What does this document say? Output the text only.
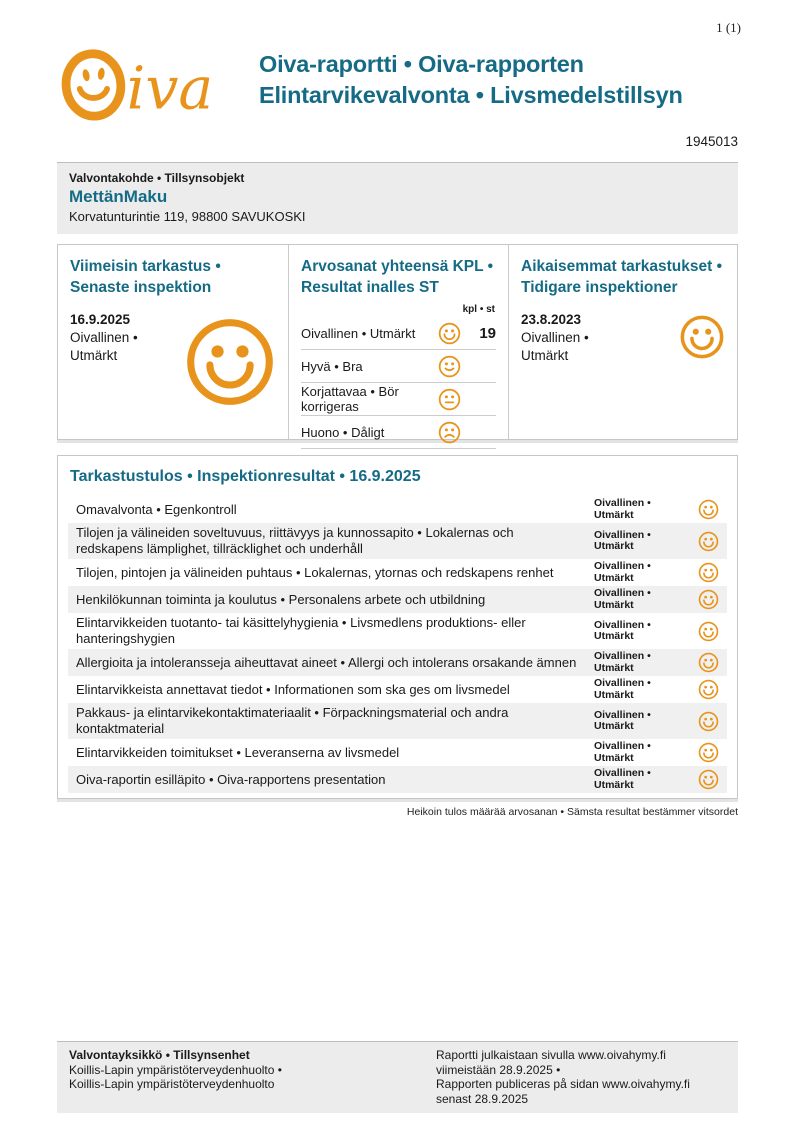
1 (1)
iva Oiva-raportti • Oiva-rapporten
Elintarvikevalvonta • Livsmedelstillsyn
1945013
Valvontakohde • Tillsynsobjekt
MettänMaku
Korvatunturintie 119, 98800 SAVUKOSKI
Viimeisin tarkastus •
Senaste inspektion
16.9.2025
Oivallinen •
Utmärkt
Arvosanat yhteensä KPL •
Resultat inalles ST
kpl • st
Oivallinen • Utmärkt	19
Hyvä • Bra
Korjattavaa • Bör korrigeras
Huono • Dåligt
Aikaisemmat tarkastukset •
Tidigare inspektioner
23.8.2023
Oivallinen •
Utmärkt
Tarkastustulos • Inspektionresultat • 16.9.2025
Omavalvonta • Egenkontroll	Oivallinen •
Utmärkt
Tilojen ja välineiden soveltuvuus, riittävyys ja kunnossapito • Lokalernas och redskapens lämplighet, tillräcklighet och underhåll
Oivallinen •
Utmärkt
Tilojen, pintojen ja välineiden puhtaus • Lokalernas, ytornas och redskapens renhet	Oivallinen •
Utmärkt
Henkilökunnan toiminta ja koulutus • Personalens arbete och utbildning	Oivallinen •
Utmärkt
Elintarvikkeiden tuotanto- tai käsittelyhygienia • Livsmedlens produktions- eller hanteringshygien
Oivallinen •
Utmärkt
Allergioita ja intoleransseja aiheuttavat aineet • Allergi och intolerans orsakande ämnen	Oivallinen •
Utmärkt
Elintarvikkeista annettavat tiedot • Informationen som ska ges om livsmedel	Oivallinen •
Utmärkt
Pakkaus- ja elintarvikekontaktimateriaalit • Förpackningsmaterial och andra kontaktmaterial
Oivallinen •
Utmärkt
Elintarvikkeiden toimitukset • Leveranserna av livsmedel	Oivallinen •
Utmärkt
Oiva-raportin esilläpito • Oiva-rapportens presentation	Oivallinen •
Utmärkt
Heikoin tulos määrää arvosanan • Sämsta resultat bestämmer vitsordet
Valvontayksikkö • Tillsynsenhet
Koillis-Lapin ympäristöterveydenhuolto •
Koillis-Lapin ympäristöterveydenhuolto
Raportti julkaistaan sivulla www.oivahymy.fi
viimeistään 28.9.2025 •
Rapporten publiceras på sidan www.oivahymy.fi
senast 28.9.2025
